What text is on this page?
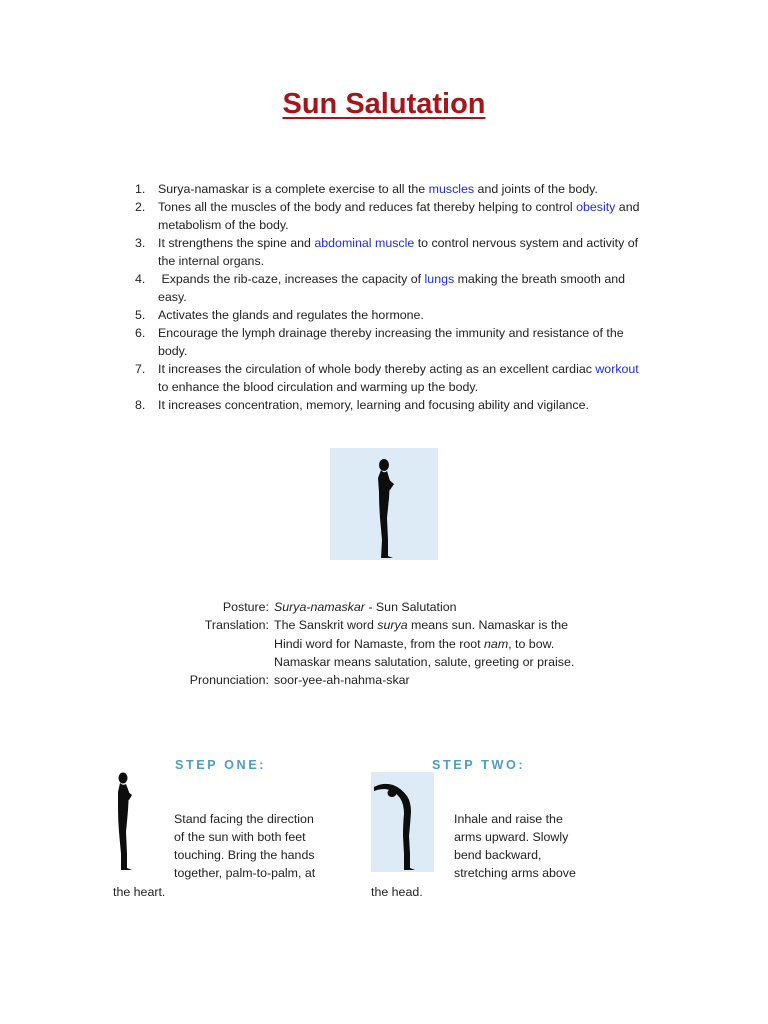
Sun Salutation
1. Surya-namaskar is a complete exercise to all the muscles and joints of the body.
2. Tones all the muscles of the body and reduces fat thereby helping to control obesity and
metabolism of the body.
3. It strengthens the spine and abdominal muscle to control nervous system and activity of
the internal organs.
4. Expands the rib-caze, increases the capacity of lungs making the breath smooth and
easy.
5. Activates the glands and regulates the hormone.
6. Encourage the lymph drainage thereby increasing the immunity and resistance of the
body.
7. It increases the circulation of whole body thereby acting as an excellent cardiac workout
to enhance the blood circulation and warming up the body.
8. It increases concentration, memory, learning and focusing ability and vigilance.
Posture:
Translation:

Pronunciation:
Surya-namaskar - Sun Salutation
The Sanskrit word surya means sun. Namaskar is the
Hindi word for Namaste, from the root nam, to bow.
Namaskar means salutation, salute, greeting or praise.
soor-yee-ah-nahma-skar
STEP ONE:
Stand facing the direction
of the sun with both feet
touching. Bring the hands
together, palm-to-palm, at
the heart.
STEP TWO:
Inhale and raise the
arms upward. Slowly
bend backward,
stretching arms above
the head.
